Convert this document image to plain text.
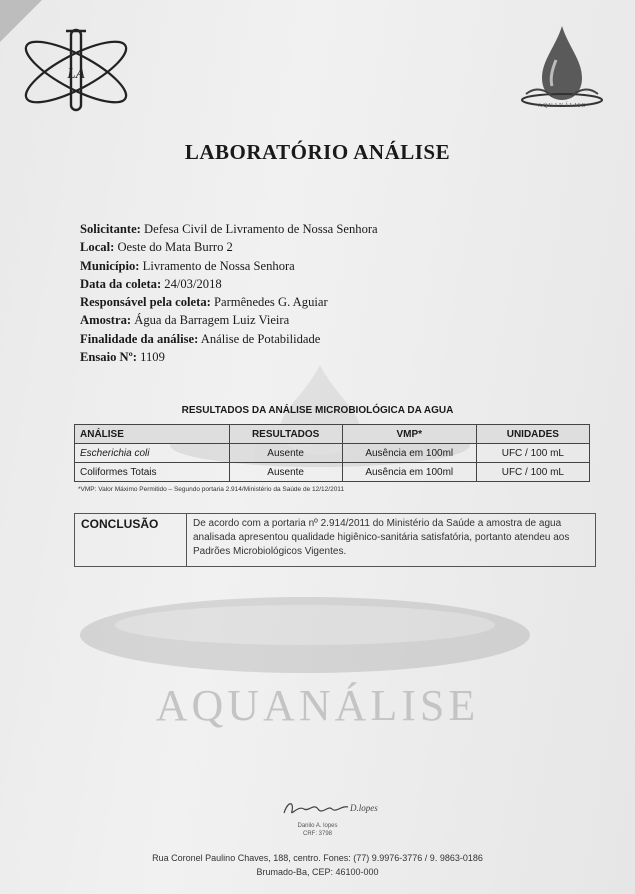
LA
AQUANÁLISE
AQUANÁLISE
LABORATÓRIO ANÁLISE
Solicitante: Defesa Civil de Livramento de Nossa Senhora
Local: Oeste do Mata Burro 2
Município: Livramento de Nossa Senhora
Data da coleta: 24/03/2018
Responsável pela coleta: Parmênedes G. Aguiar
Amostra: Água da Barragem Luiz Vieira
Finalidade da análise: Análise de Potabilidade
Ensaio Nº: 1109
RESULTADOS DA ANÁLISE MICROBIOLÓGICA DA AGUA
ANÁLISE	RESULTADOS	VMP*	UNIDADES
Escherichia coli	Ausente	Ausência em 100ml	UFC / 100 mL
Coliformes Totais	Ausente	Ausência em 100ml	UFC / 100 mL
*VMP: Valor Máximo Permitido – Segundo portaria 2.914/Ministério da Saúde de 12/12/2011
CONCLUSÃO	De acordo com a portaria nº 2.914/2011 do Ministério da Saúde a amostra de agua analisada apresentou qualidade higiênico-sanitária satisfatória, portanto atendeu aos Padrões Microbiológicos Vigentes.
D.lopes
Danilo A. lopes
CRF: 3798
Rua Coronel Paulino Chaves, 188, centro. Fones: (77) 9.9976-3776 / 9. 9863-0186
Brumado-Ba, CEP: 46100-000
